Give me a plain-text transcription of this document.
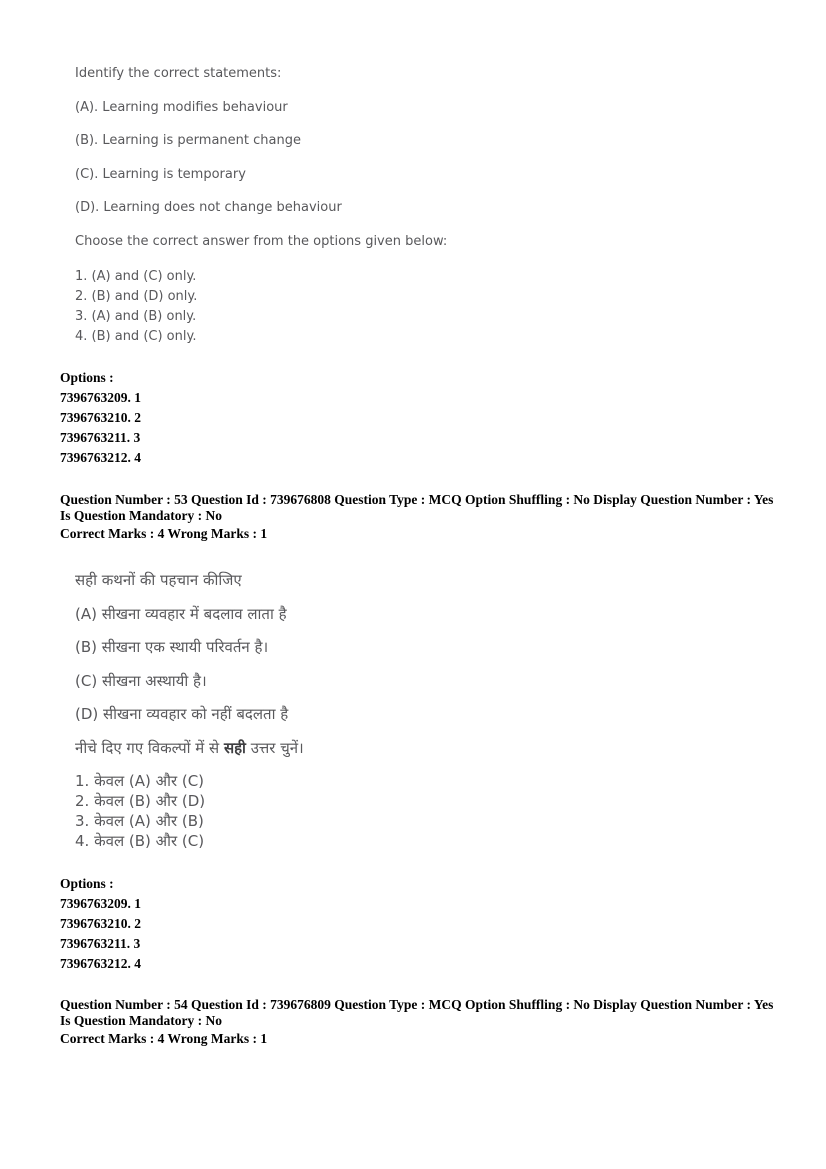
Identify the correct statements:
(A). Learning modifies behaviour
(B). Learning is permanent change
(C). Learning is temporary
(D). Learning does not change behaviour
Choose the correct answer from the options given below:
1. (A) and (C) only.
2. (B) and (D) only.
3. (A) and (B) only.
4. (B) and (C) only.
Options :
7396763209. 1
7396763210. 2
7396763211. 3
7396763212. 4
Question Number : 53 Question Id : 739676808 Question Type : MCQ Option Shuffling : No Display Question Number : Yes
Is Question Mandatory : No
Correct Marks : 4 Wrong Marks : 1
सही कथनों की पहचान कीजिए
(A) सीखना व्यवहार में बदलाव लाता है
(B) सीखना एक स्थायी परिवर्तन है।
(C) सीखना अस्थायी है।
(D) सीखना व्यवहार को नहीं बदलता है
नीचे दिए गए विकल्पों में से सही उत्तर चुनें।
1. केवल (A) और (C)
2. केवल (B) और (D)
3. केवल (A) और (B)
4. केवल (B) और (C)
Options :
7396763209. 1
7396763210. 2
7396763211. 3
7396763212. 4
Question Number : 54 Question Id : 739676809 Question Type : MCQ Option Shuffling : No Display Question Number : Yes
Is Question Mandatory : No
Correct Marks : 4 Wrong Marks : 1
